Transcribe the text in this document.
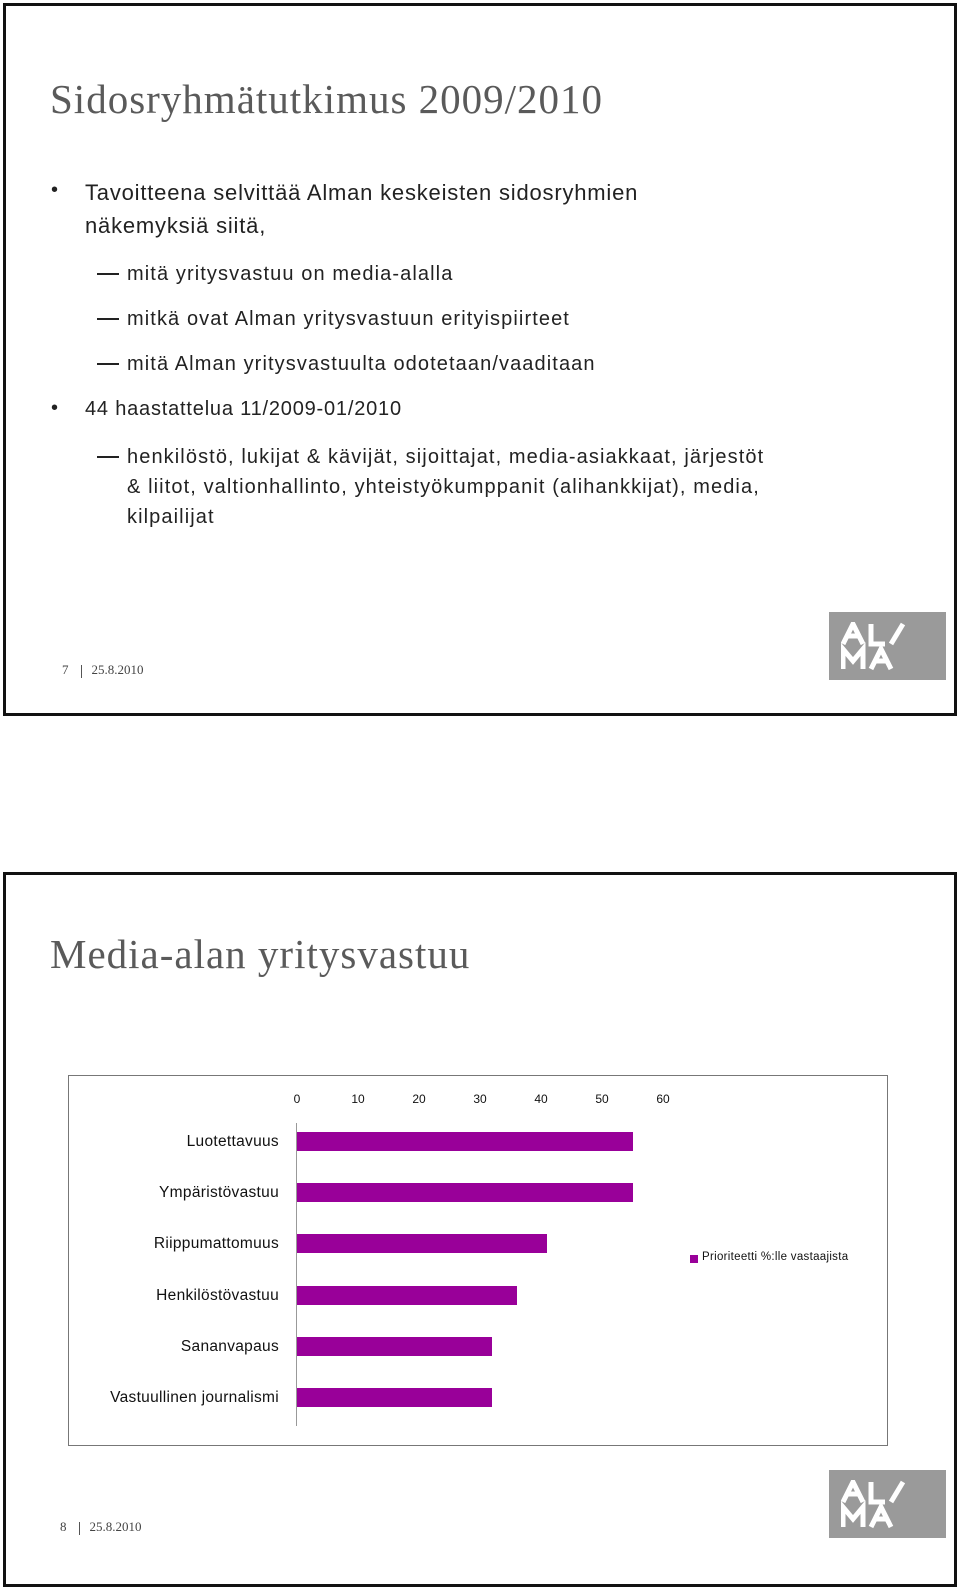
Sidosryhmätutkimus 2009/2010
• Tavoitteena selvittää Alman keskeisten sidosryhmien
näkemyksiä siitä,
mitä yritysvastuu on media-alalla
mitkä ovat Alman yritysvastuun erityispiirteet
mitä Alman yritysvastuulta odotetaan/vaaditaan
• 44 haastattelua 11/2009-01/2010
henkilöstö, lukijat & kävijät, sijoittajat, media-asiakkaat, järjestöt
& liitot, valtionhallinto, yhteistyökumppanit (alihankkijat), media,
kilpailijat
7 25.8.2010
Media-alan yritysvastuu
Prioriteetti %:lle vastaajista
0	10	20	30	40	50	60
Luotettavuus
Ympäristövastuu
Riippumattomuus
Henkilöstövastuu
Sananvapaus
Vastuullinen journalismi
8 25.8.2010
